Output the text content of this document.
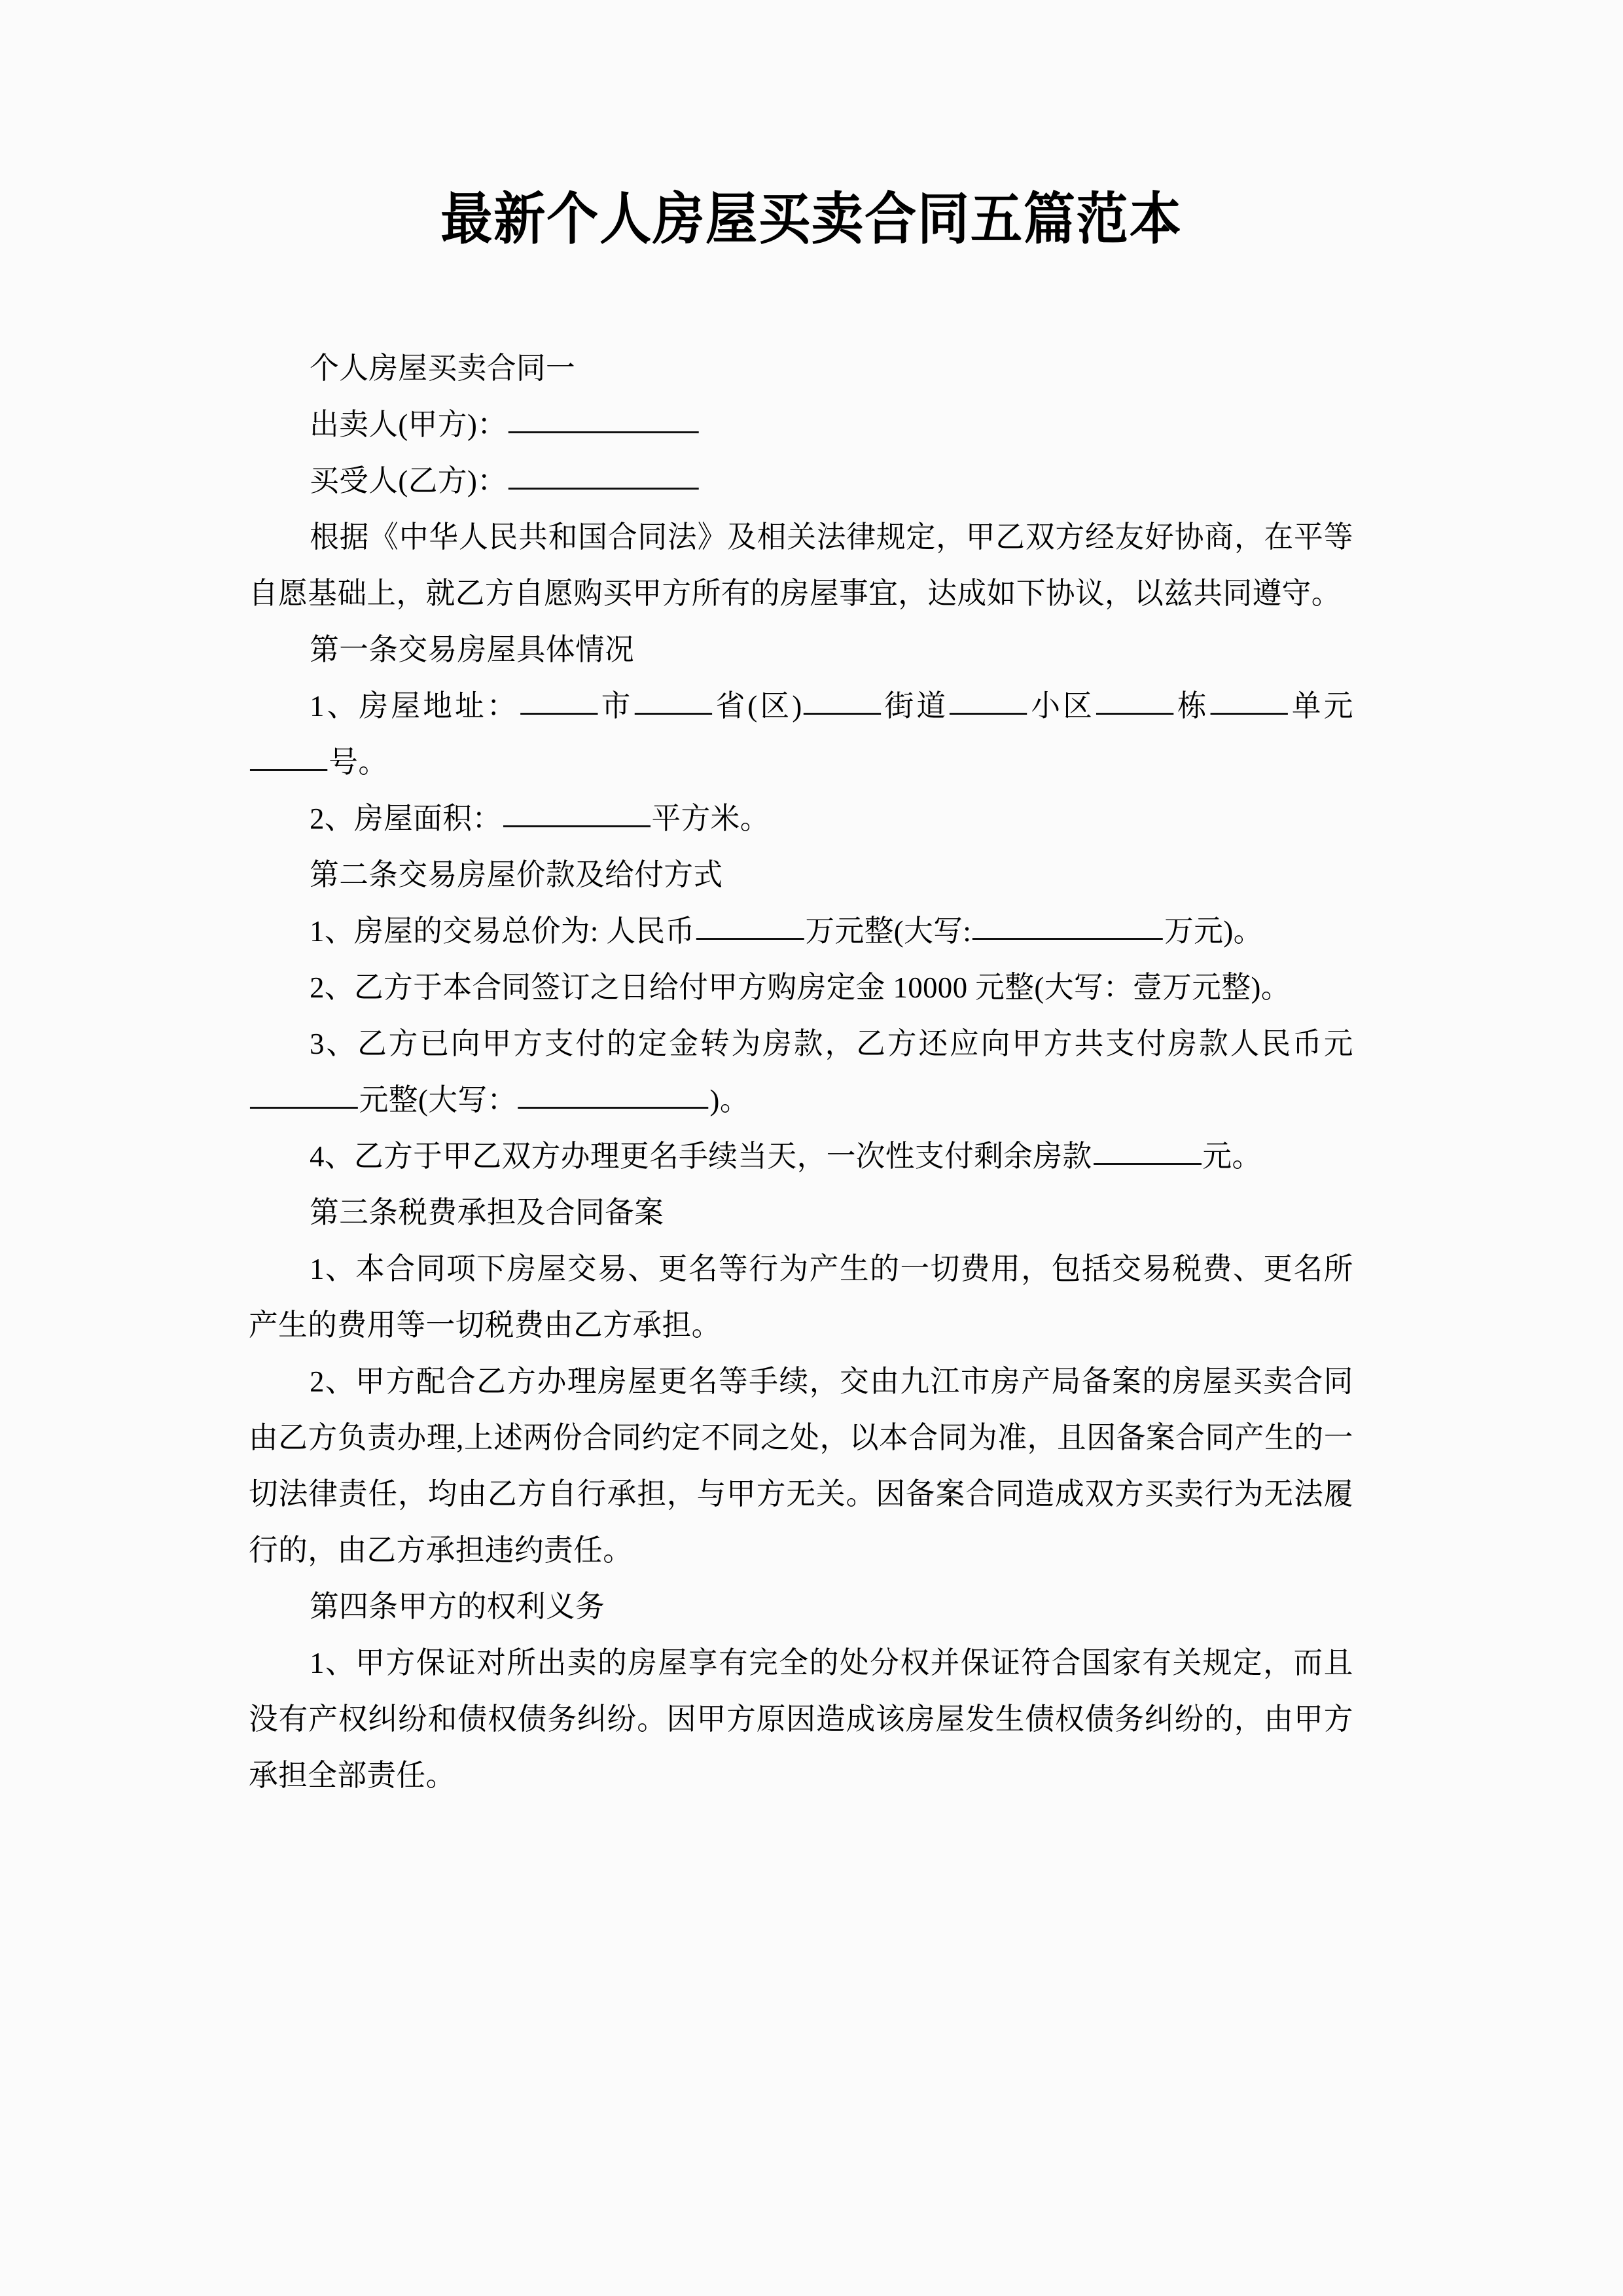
最新个人房屋买卖合同五篇范本

个人房屋买卖合同一

出卖人(甲方)：

买受人(乙方)：

根据《中华人民共和国合同法》及相关法律规定，甲乙双方经友好协商，在平等自愿基础上，就乙方自愿购买甲方所有的房屋事宜，达成如下协议，以兹共同遵守。

第一条交易房屋具体情况

1、房屋地址：	市	省(区)	街道	小区	栋	单元号。

2、房屋面积：	平方米。

第二条交易房屋价款及给付方式

1、房屋的交易总价为: 人民币	万元整(大写:	万元)。

2、乙方于本合同签订之日给付甲方购房定金 10000 元整(大写：壹万元整)。

3、乙方已向甲方支付的定金转为房款，乙方还应向甲方共支付房款人民币元元整(大写：	)。

4、乙方于甲乙双方办理更名手续当天，一次性支付剩余房款	元。

第三条税费承担及合同备案

1、本合同项下房屋交易、更名等行为产生的一切费用，包括交易税费、更名所产生的费用等一切税费由乙方承担。

2、甲方配合乙方办理房屋更名等手续，交由九江市房产局备案的房屋买卖合同由乙方负责办理,上述两份合同约定不同之处，以本合同为准，且因备案合同产生的一切法律责任，均由乙方自行承担，与甲方无关。因备案合同造成双方买卖行为无法履行的，由乙方承担违约责任。

第四条甲方的权利义务

1、甲方保证对所出卖的房屋享有完全的处分权并保证符合国家有关规定，而且没有产权纠纷和债权债务纠纷。因甲方原因造成该房屋发生债权债务纠纷的，由甲方承担全部责任。
